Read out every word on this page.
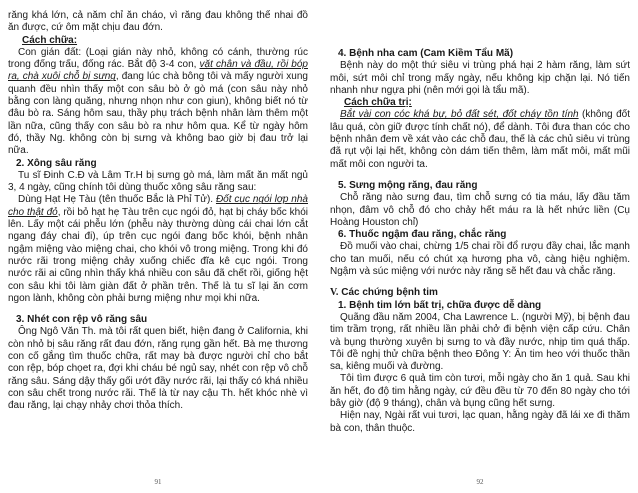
răng khá lớn, cả năm chỉ ăn cháo, vì răng đau không thể nhai đồ ăn được, cứ ôm mặt chịu đau đớn.

Cách chữa:

Con gián đất: (Loại gián này nhỏ, không có cánh, thường rúc trong đống trấu, đống rác. Bắt độ 3-4 con, vặt chân và đầu, rồi bóp ra, chà xuôi chỗ bị sưng, đang lúc chà bông tôi và mấy người xung quanh đều nhìn thấy một con sâu bò ở gò má (con sâu này nhỏ bằng con làng quăng, nhưng nhọn như con giun), không biết nó từ đâu bò ra. Sáng hôm sau, thầy phụ trách bệnh nhân làm thêm một lần nữa, cũng thấy con sâu bò ra như hôm qua. Kể từ ngày hôm đó, thầy Ng. không còn bị sưng và không bao giờ bị đau trở lại nữa.

2. Xông sâu răng

Tu sĩ Đinh C.Đ và Lâm Tr.H bị sưng gò má, làm mất ăn mất ngủ 3, 4 ngày, cũng chính tôi dùng thuốc xông sâu răng sau:

Dùng Hạt Hẹ Tàu (tên thuốc Bắc là Phỉ Tử). Đốt cục ngói lợp nhà cho thật đỏ, rồi bỏ hạt hẹ Tàu trên cục ngói đỏ, hạt bị cháy bốc khói lên. Lấy một cái phễu lớn (phễu này thường dùng cái chai lớn cắt ngang đáy chai đi), úp trên cục ngói đang bốc khói, bệnh nhân ngậm miệng vào miệng chai, cho khói vô trong miệng. Trong khi đó nước rãi trong miệng chảy xuống chiếc đĩa kê cục ngói. Trong nước rãi ai cũng nhìn thấy khá nhiều con sâu đã chết rồi, giống hệt con sâu khi tôi làm giàn đất ở phần trên. Thế là tu sĩ lại ăn cơm ngon lành, không còn phải bưng miệng như mọi khi nữa.

3. Nhét con rệp vô răng sâu

Ông Ngô Văn Th. mà tôi rất quen biết, hiện đang ở California, khi còn nhỏ bị sâu răng rất đau đớn, răng rụng gần hết. Bà mẹ thương con cố gắng tìm thuốc chữa, rất may bà được người chỉ cho bắt con rệp, bóp chọet ra, đợi khi cháu bé ngủ say, nhét con rệp vô chỗ răng sâu. Sáng dậy thấy gối ướt đầy nước rãi, lại thấy có khá nhiều con sâu chết trong nước rãi. Thế là từ nay cậu Th. hết khóc nhè vì đau răng, lại chạy nhảy chơi thỏa thích.

91

4. Bệnh nha cam (Cam Kiềm Tẩu Mã)

Bệnh này do một thứ siêu vi trùng phá hại 2 hàm răng, làm sứt môi, sứt môi chỉ trong mấy ngày, nếu không kịp chặn lại. Nó tiến nhanh như ngựa phi (nên mới gọi là tẩu mã).

Cách chữa trị:

Bắt vài con cóc khá bự, bỏ đất sét, đốt cháy tồn tính (không đốt lâu quá, còn giữ được tính chất nó), để dành. Tôi đưa than cóc cho bệnh nhân đem về xát vào các chỗ đau, thế là các chủ siêu vi trùng đã rụt vội lại hết, không còn dám tiến thêm, làm mất môi, mất mũi mất môi con người ta.

5. Sưng mộng răng, đau răng

Chỗ răng nào sưng đau, tìm chỗ sưng có tia máu, lấy đầu tăm nhọn, đâm vô chỗ đó cho chảy hết máu ra là hết nhức liền (Cụ Hoàng Houston chỉ)

6. Thuốc ngậm đau răng, chắc răng

Đồ muối vào chai, chừng 1/5 chai rồi đổ rượu đầy chai, lắc mạnh cho tan muối, nếu có chút xạ hương pha vô, càng hiệu nghiệm. Ngậm và súc miệng với nước này răng sẽ hết đau và chắc răng.

V. Các chứng bệnh tim

1. Bệnh tim lớn bất trị, chữa được dễ dàng

Quãng đầu năm 2004, Cha Lawrence L. (người Mỹ), bị bệnh đau tim trầm trọng, rất nhiều lần phải chở đi bệnh viện cấp cứu. Chân và bụng thường xuyên bị sưng to và đầy nước, nhịp tim quá thấp. Tôi đề nghị thử chữa bệnh theo Đông Y: Ăn tim heo với thuốc thần sa, kiêng muối và đường.

Tôi tìm được 6 quả tim còn tươi, mỗi ngày cho ăn 1 quả. Sau khi ăn hết, đo độ tim hằng ngày, cứ đều đều từ 70 đến 80 ngày cho tới bây giờ (độ 9 tháng), chân và bụng cũng hết sưng.

Hiện nay, Ngài rất vui tươi, lạc quan, hằng ngày đã lái xe đi thăm bà con, thân thuộc.

92
